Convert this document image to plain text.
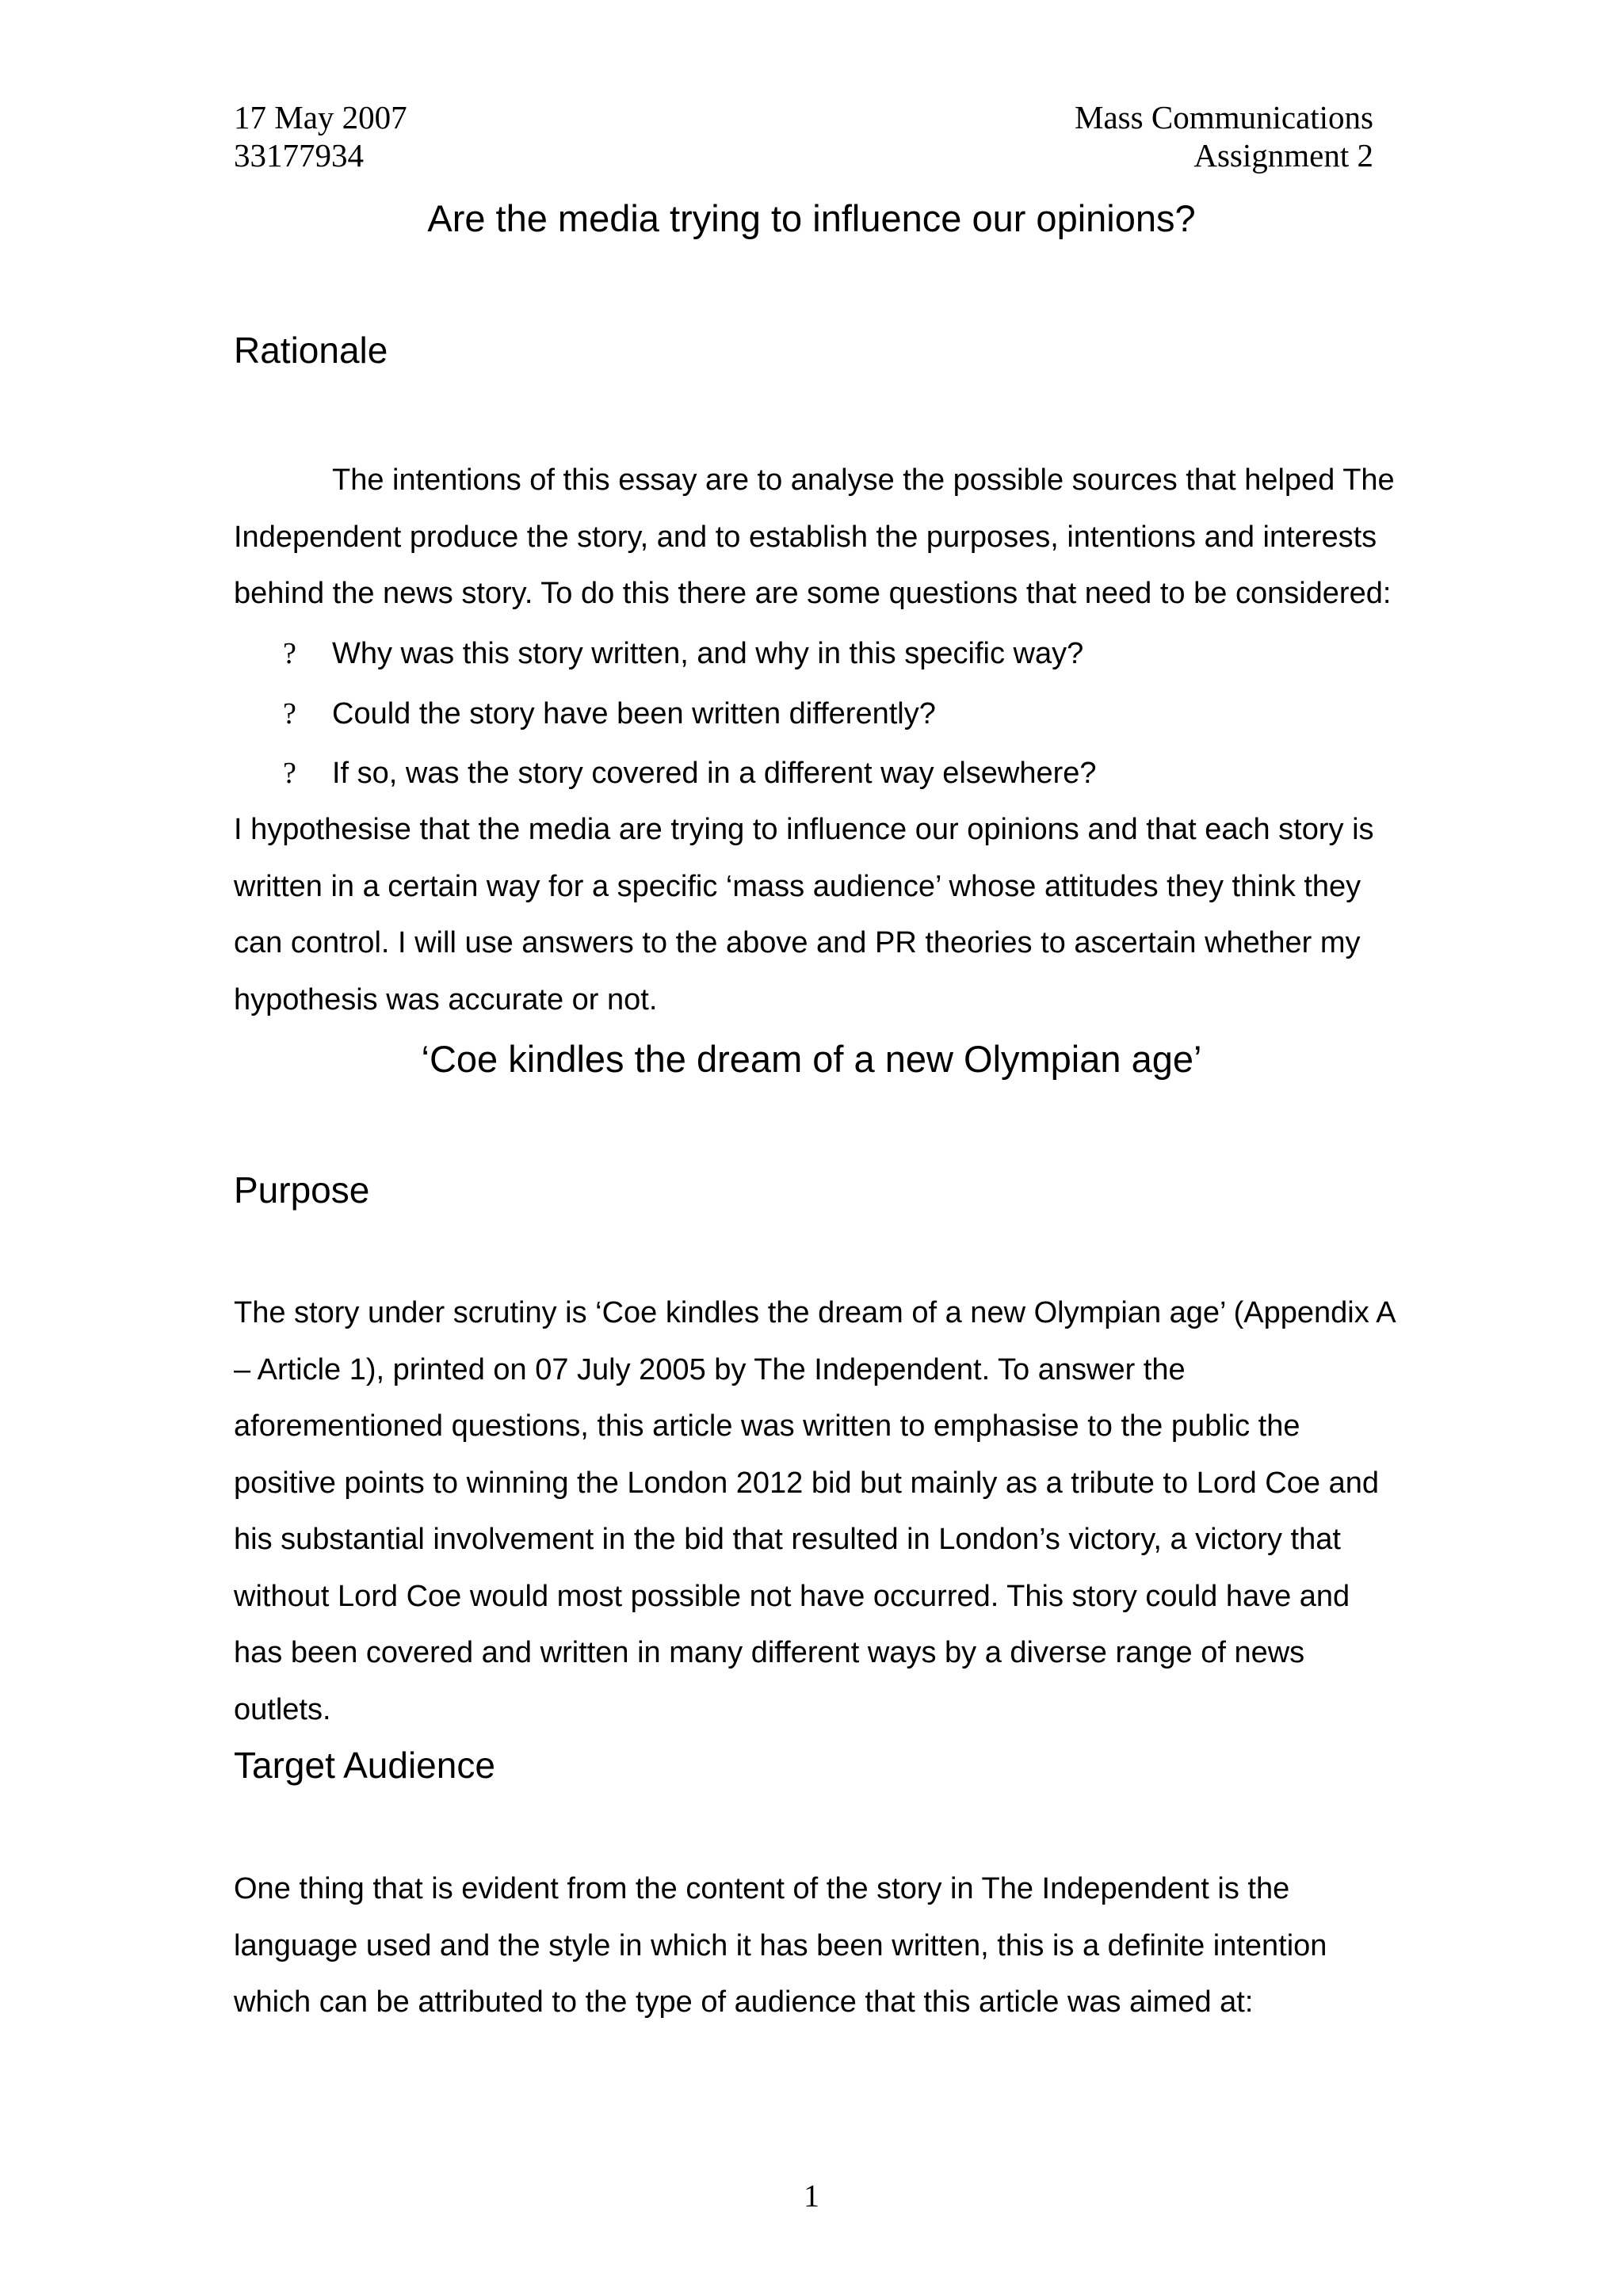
17 May 2007
33177934
Mass Communications
Assignment 2
Are the media trying to influence our opinions?
Rationale

The intentions of this essay are to analyse the possible sources that helped The Independent produce the story, and to establish the purposes, intentions and interests behind the news story. To do this there are some questions that need to be considered:

? Why was this story written, and why in this specific way?
? Could the story have been written differently?
? If so, was the story covered in a different way elsewhere?

I hypothesise that the media are trying to influence our opinions and that each story is written in a certain way for a specific ‘mass audience’ whose attitudes they think they can control. I will use answers to the above and PR theories to ascertain whether my hypothesis was accurate or not.

‘Coe kindles the dream of a new Olympian age’
Purpose

The story under scrutiny is ‘Coe kindles the dream of a new Olympian age’ (Appendix A – Article 1), printed on 07 July 2005 by The Independent. To answer the aforementioned questions, this article was written to emphasise to the public the positive points to winning the London 2012 bid but mainly as a tribute to Lord Coe and his substantial involvement in the bid that resulted in London’s victory, a victory that without Lord Coe would most possible not have occurred. This story could have and has been covered and written in many different ways by a diverse range of news outlets.

Target Audience

One thing that is evident from the content of the story in The Independent is the language used and the style in which it has been written, this is a definite intention which can be attributed to the type of audience that this article was aimed at:

1
